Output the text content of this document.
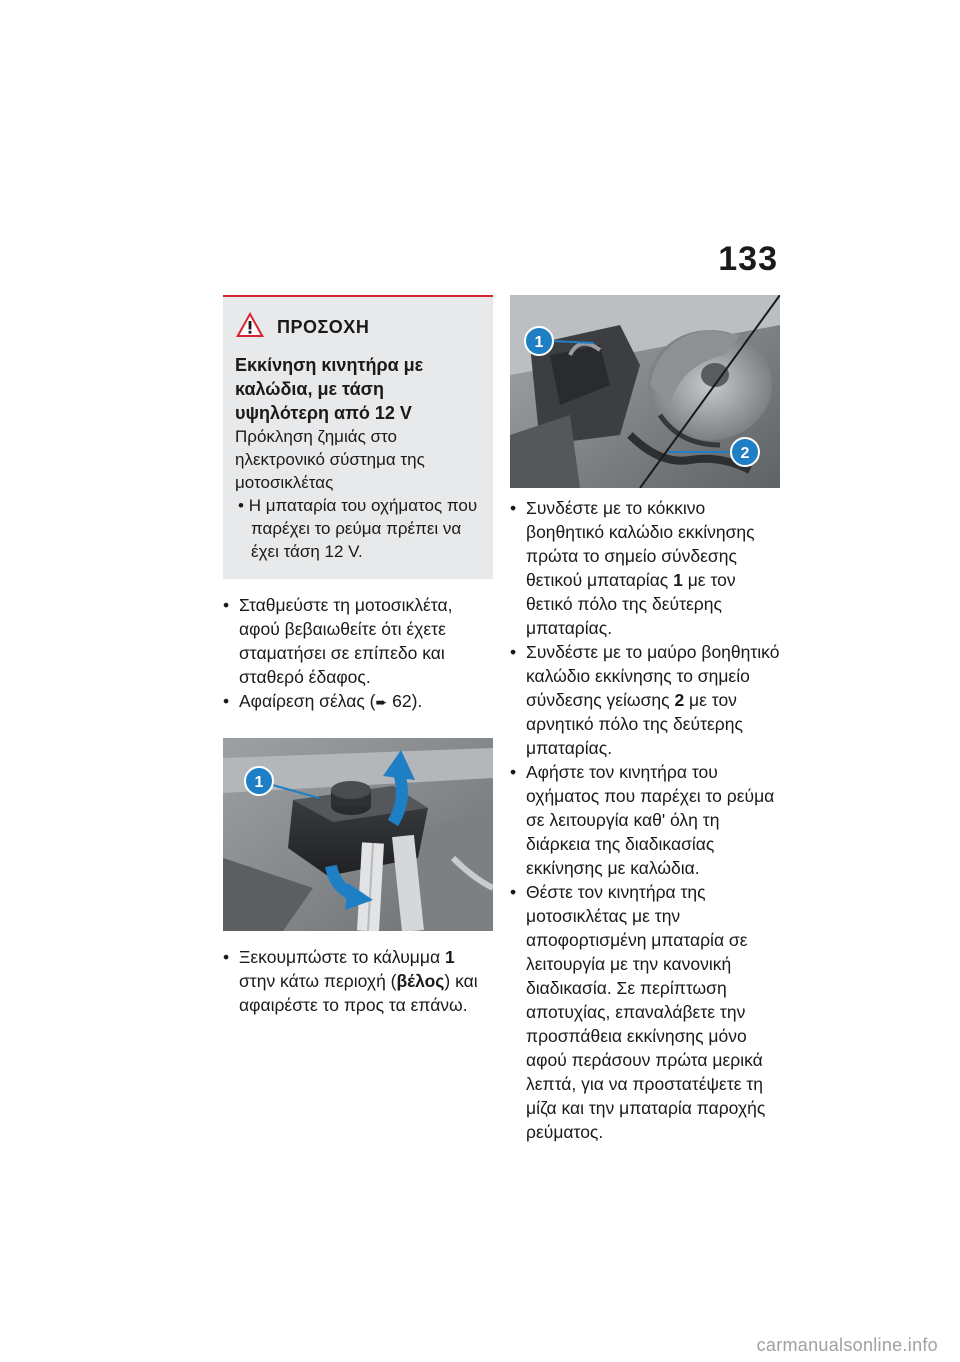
133
ΠΡΟΣΟΧΗ
Εκκίνηση κινητήρα με καλώδια, με τάση υψηλότερη από 12 V
Πρόκληση ζημιάς στο ηλεκτρονικό σύστημα της μοτοσικλέτας
• Η μπαταρία του οχήματος που παρέχει το ρεύμα πρέπει να έχει τάση 12 V.
• Σταθμεύστε τη μοτοσικλέτα, αφού βεβαιωθείτε ότι έχετε σταματήσει σε επίπεδο και σταθερό έδαφος.
• Αφαίρεση σέλας (➨ 62).
1
• Ξεκουμπώστε το κάλυμμα 1 στην κάτω περιοχή (βέλος) και αφαιρέστε το προς τα επάνω.
1
2
• Συνδέστε με το κόκκινο βοηθητικό καλώδιο εκκίνησης πρώτα το σημείο σύνδεσης θετικού μπαταρίας 1 με τον θετικό πόλο της δεύτερης μπαταρίας.
• Συνδέστε με το μαύρο βοηθητικό καλώδιο εκκίνησης το σημείο σύνδεσης γείωσης 2 με τον αρνητικό πόλο της δεύτερης μπαταρίας.
• Αφήστε τον κινητήρα του οχήματος που παρέχει το ρεύμα σε λειτουργία καθ' όλη τη διάρκεια της διαδικασίας εκκίνησης με καλώδια.
• Θέστε τον κινητήρα της μοτοσικλέτας με την αποφορτισμένη μπαταρία σε λειτουργία με την κανονική διαδικασία. Σε περίπτωση αποτυχίας, επαναλάβετε την προσπάθεια εκκίνησης μόνο αφού περάσουν πρώτα μερικά λεπτά, για να προστατέψετε τη μίζα και την μπαταρία παροχής ρεύματος.
carmanualsonline.info
